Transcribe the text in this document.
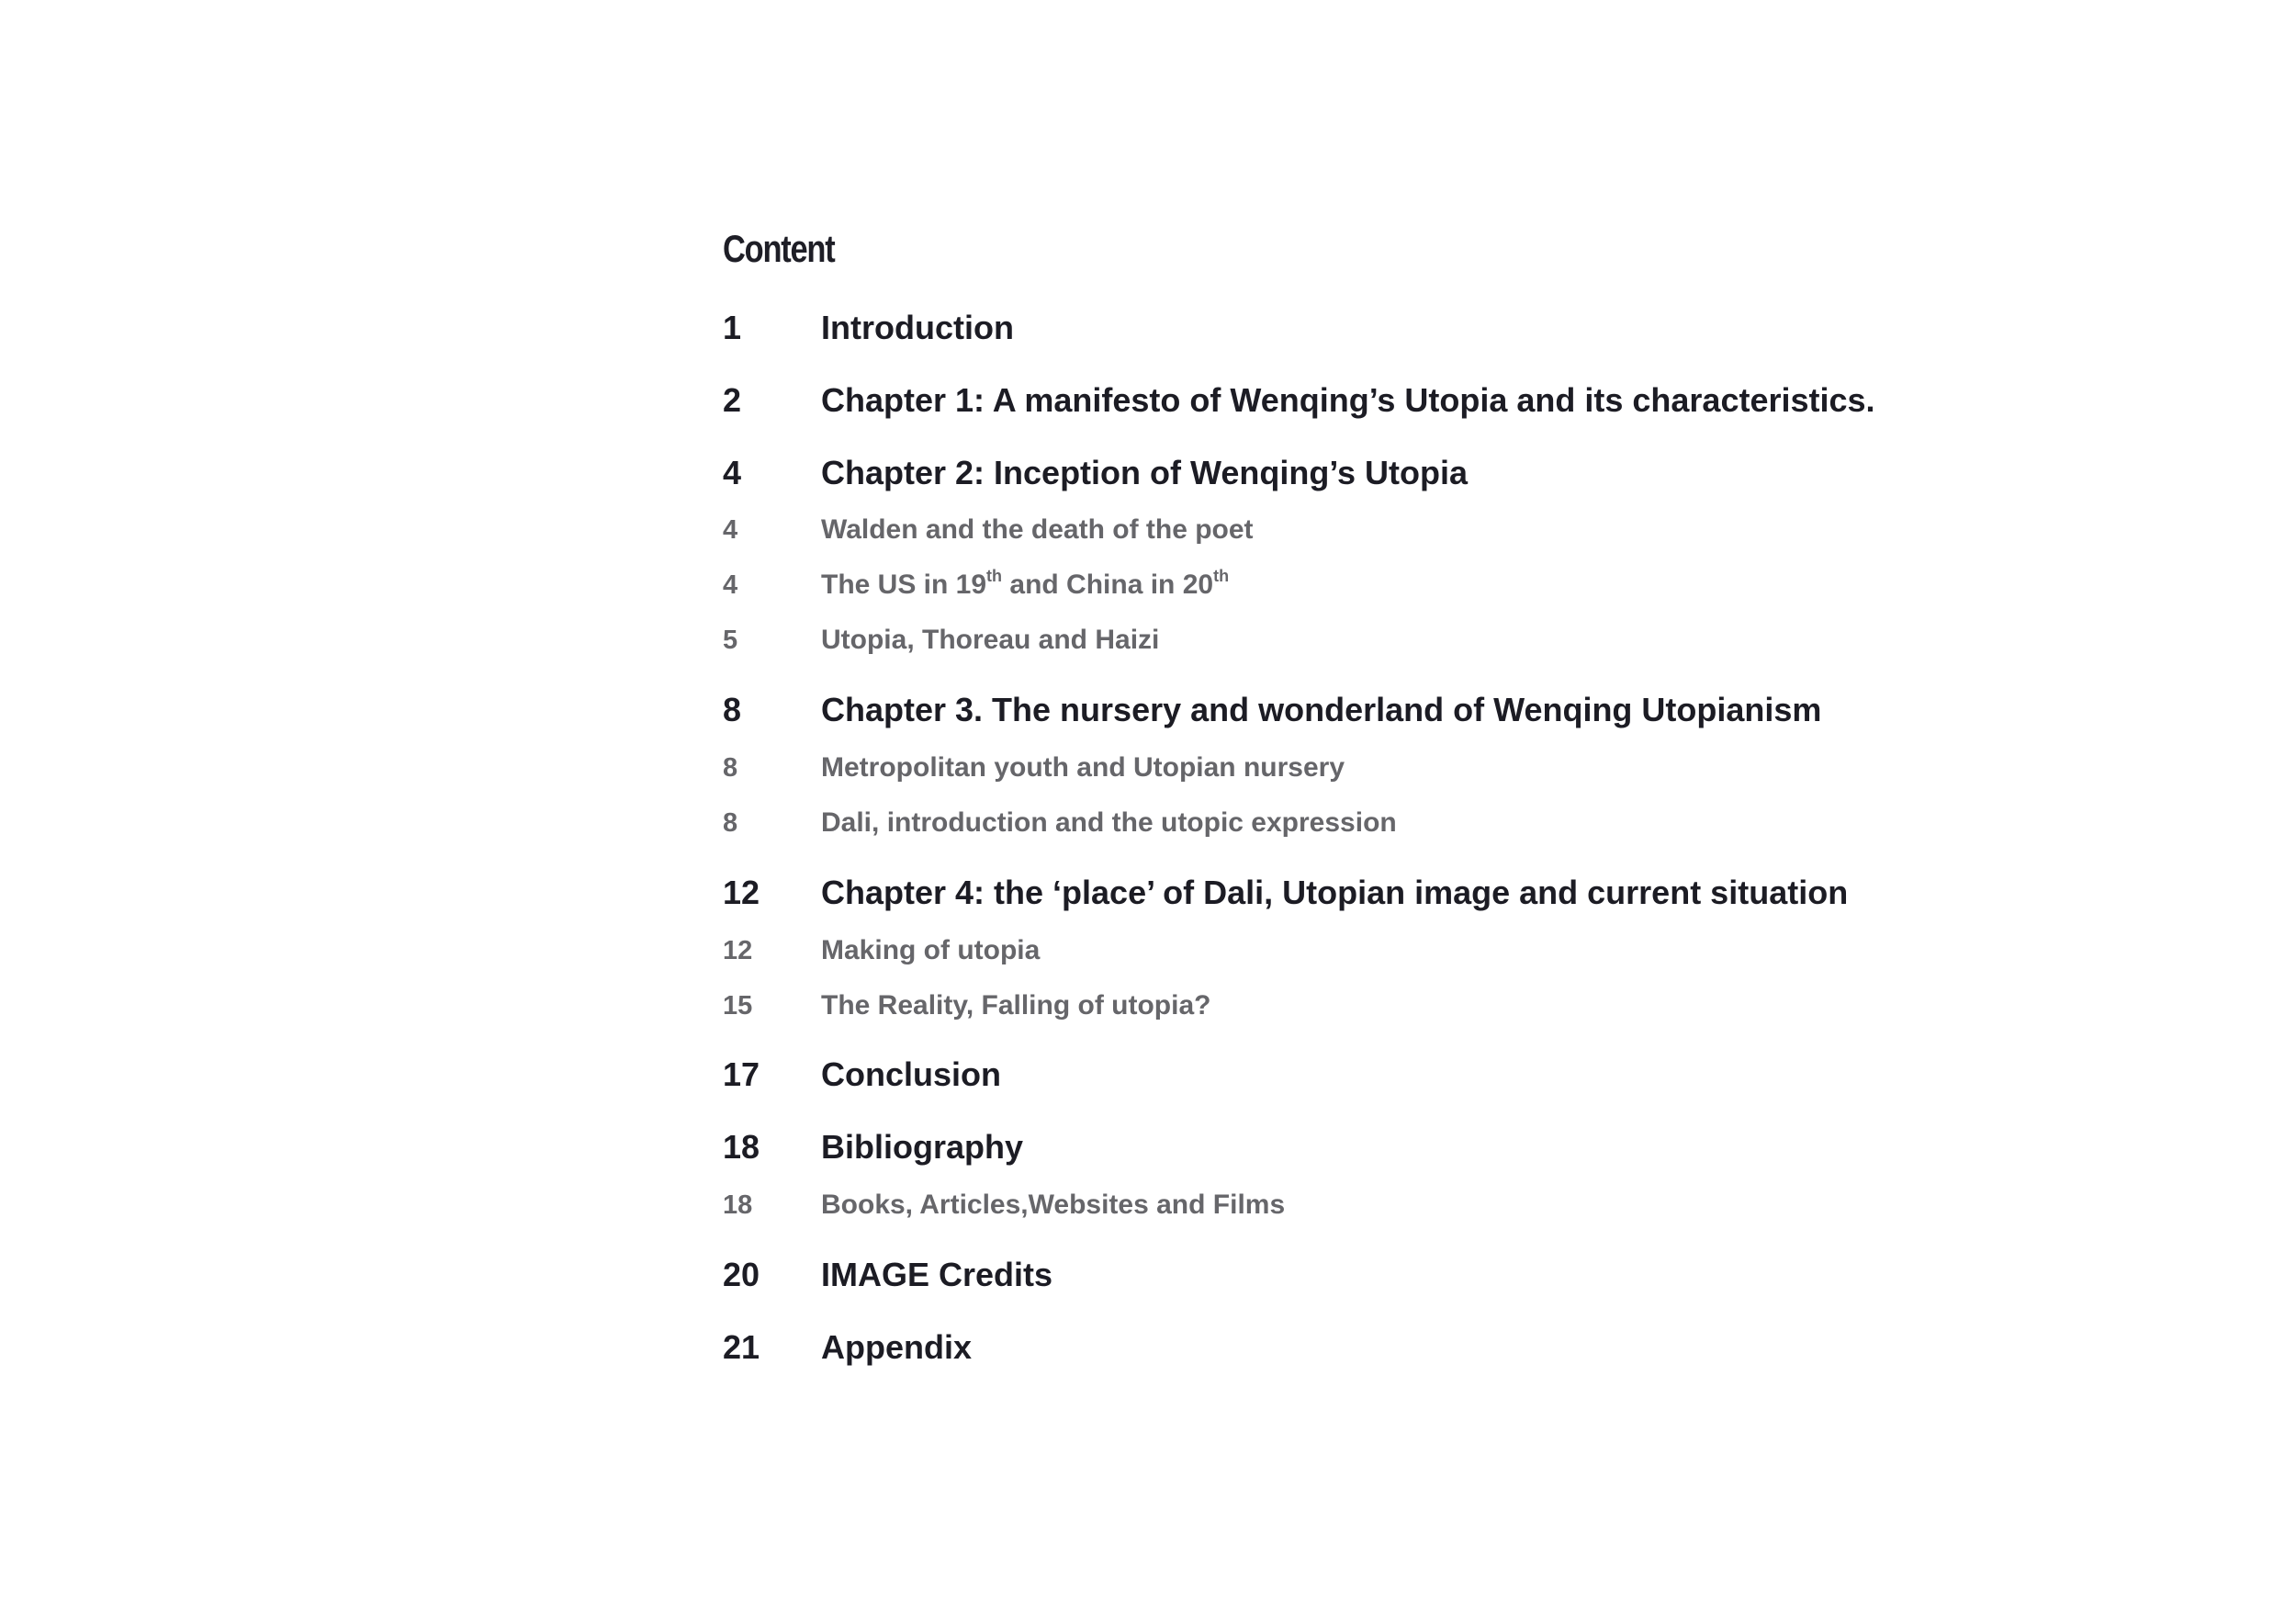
Content
1	Introduction
2	Chapter 1: A manifesto of Wenqing’s Utopia and its characteristics.
4	Chapter 2: Inception of Wenqing’s Utopia
4	Walden and the death of the poet
4	The US in 19th and China in 20th
5	Utopia, Thoreau and Haizi
8	Chapter 3. The nursery and wonderland of Wenqing Utopianism
8	Metropolitan youth and Utopian nursery
8	Dali, introduction and the utopic expression
12	Chapter 4: the ‘place’ of Dali, Utopian image and current situation
12	Making of utopia
15	The Reality, Falling of utopia?
17	Conclusion
18	Bibliography
18	Books, Articles,Websites and Films
20	IMAGE Credits
21	Appendix
